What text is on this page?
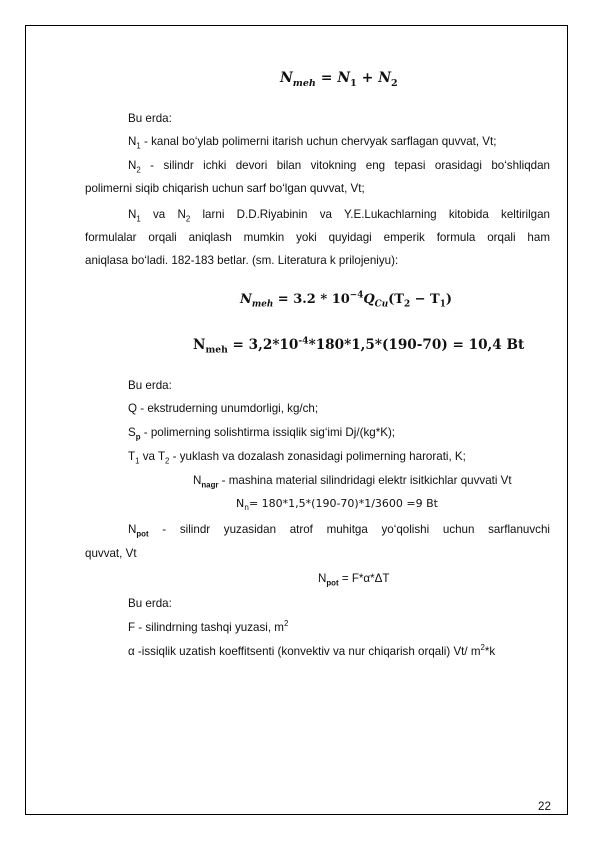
$N_{meh} = N_1 + N_2$
Bu erda:
$N_1$ - kanal bo‘ylab polimerni itarish uchun chervyak sarflagan quvvat, Vt;
$N_2$ - silindr ichki devori bilan vitokning eng tepasi orasidagi bo‘shliqdan
polimerni siqib chiqarish uchun sarf bo‘lgan quvvat, Vt;
$N_1$ va $N_2$ larni D.D.Riyabinin va Y.E.Lukachlarning kitobida keltirilgan
formulalar orqali aniqlash mumkin yoki quyidagi emperik formula orqali ham
aniqlasa bo‘ladi. 182-183 betlar. (sm. Literatura k prilojeniyu):
$N_{meh} = 3.2 * 10^{-4}Q_{Cu}(T_2 - T_1)$
$N_{meh} = 3,2*10^{-4}*180*1,5*(190-70) = 10,4$ Bt
Bu erda:
Q - ekstruderning unumdorligi, kg/ch;
$S_p$ - polimerning solishtirma issiqlik sig‘imi Dj/(kg*K);
$T_1$ va $T_2$ - yuklash va dozalash zonasidagi polimerning harorati, K;
$N_{nagr}$ - mashina material silindridagi elektr isitkichlar quvvati Vt
$N_n= 180*1,5*(190-70)*1/3600 =9$ Bt
$N_{pot}$ - silindr yuzasidan atrof muhitga yo‘qolishi uchun sarflanuvchi
quvvat, Vt
$N_{pot} = F*\alpha*\Delta T$
Bu erda:
F - silindrning tashqi yuzasi, $m^2$
α -issiqlik uzatish koeffitsenti (konvektiv va nur chiqarish orqali) Vt/ $m^2*k$
22
